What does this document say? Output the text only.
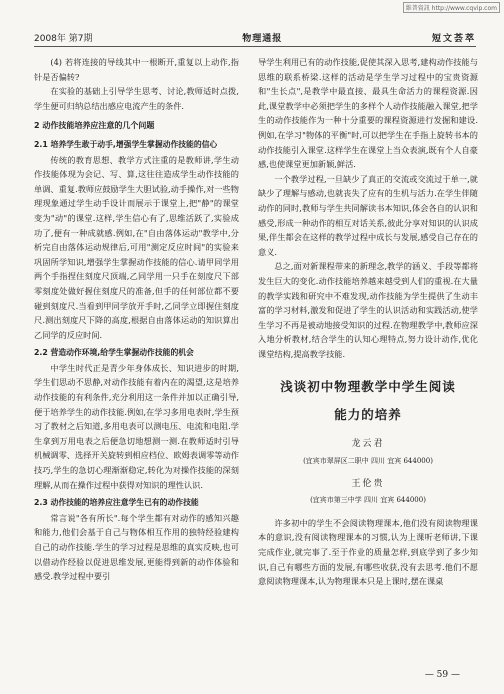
維普資訊 http://www.cqvip.com
2008年 第7期	物理通报	短文荟萃

(4) 若将连接的导线其中一根断开,重复以上动作,指针是否偏转?

在实验的基础上引导学生思考、讨论,教师适时点拨,学生便可归纳总结出感应电流产生的条件.

2 动作技能培养应注意的几个问题

2.1 培养学生敢于动手,增强学生掌握动作技能的信心

传统的教育思想、教学方式注重的是教师讲,学生动作技能体现为会记、写、算,这往往造成学生动作技能的单调、重复.教师应鼓励学生大胆试验,动手操作,对一些物理现象通过学生动手设计而展示于课堂上,把"静"的课堂变为"动"的课堂.这样,学生信心有了,思维活跃了,实验成功了,便有一种成就感.例如,在"自由落体运动"教学中,分析完自由落体运动规律后,可用"测定反应时间"的实验来巩固所学知识,增强学生掌握动作技能的信心.请甲同学用两个手指捏住刻度尺顶端,乙同学用一只手在刻度尺下部零刻度处做好握住刻度尺的准备,但手的任何部位都不要碰到刻度尺.当看到甲同学放开手时,乙同学立即握住刻度尺.测出刻度尺下降的高度,根据自由落体运动的知识算出乙同学的反应时间.

2.2 营造动作环境,给学生掌握动作技能的机会

中学生时代正是青少年身体成长、知识进步的时期,学生们思动不思静,对动作技能有着内在的渴望,这是培养动作技能的有利条件,充分利用这一条件并加以正确引导,便于培养学生的动作技能.例如,在学习多用电表时,学生预习了教材之后知道,多用电表可以测电压、电流和电阻.学生拿到万用电表之后便急切地想测一测.在教师适时引导机械调零、选择开关旋转到相应档位、欧姆表调零等动作技巧,学生的急切心理渐渐稳定,转化为对操作技能的深刻理解,从而在操作过程中获得对知识的理性认识.

2.3 动作技能的培养应注意学生已有的动作技能

常言说"各有所长".每个学生都有对动作的感知兴趣和能力,他们会基于自己与物体相互作用的独特经验建构自己的动作技能.学生的学习过程是思维的真实反映,也可以借动作经验以促进思维发展,更能得到新的动作体验和感受.教学过程中要引

导学生利用已有的动作技能,促使其深入思考,建构动作技能与思维的联系桥梁.这样的活动是学生学习过程中的宝贵资源和"生长点",是教学中最直接、最具生命活力的课程资源.因此,课堂教学中必须把学生的多样个人动作技能融入课堂,把学生的动作技能作为一种十分重要的课程资源进行发掘和建设.例如,在学习"物体的平衡"时,可以把学生在手指上旋转书本的动作技能引入课堂.这样学生在课堂上当众表演,既有个人自豪感,也使课堂更加新颖,鲜活.

一个教学过程,一旦缺少了真正的交流或交流过于单一,就缺少了理解与感动,也就丧失了应有的生机与活力.在学生伴随动作的同时,教师与学生共同解读书本知识,体会各自的认识和感受,形成一种动作的相互对话关系,彼此分享对知识的认识成果,伴生都会在这样的教学过程中成长与发展,感受自己存在的意义.

总之,面对新课程带来的新理念,教学的涵义、手段等都将发生巨大的变化.动作技能培养越来越受到人们的重视.在大量的教学实践和研究中不难发现,动作技能为学生提供了生动丰富的学习材料,激发和促进了学生的认识活动和实践活动,使学生学习不再是被动地接受知识的过程.在物理教学中,教师应深入地分析教材,结合学生的认知心理特点,努力设计动作,优化课堂结构,提高教学技能.

浅谈初中物理教学中学生阅读
能力的培养
龙云君
(宜宾市翠屏区二职中 四川 宜宾 644000)
王伦贵
(宜宾市第三中学 四川 宜宾 644000)

许多初中的学生不会阅读物理课本,他们没有阅读物理课本的意识,没有阅读物理课本的习惯,认为上课听老师讲,下课完成作业,就完事了.至于作业的质量怎样,到底学到了多少知识,自己有哪些方面的发展,有哪些收获,没有去思考.他们不愿意阅读物理课本,认为物理课本只是上课时,摆在课桌

— 59 —
